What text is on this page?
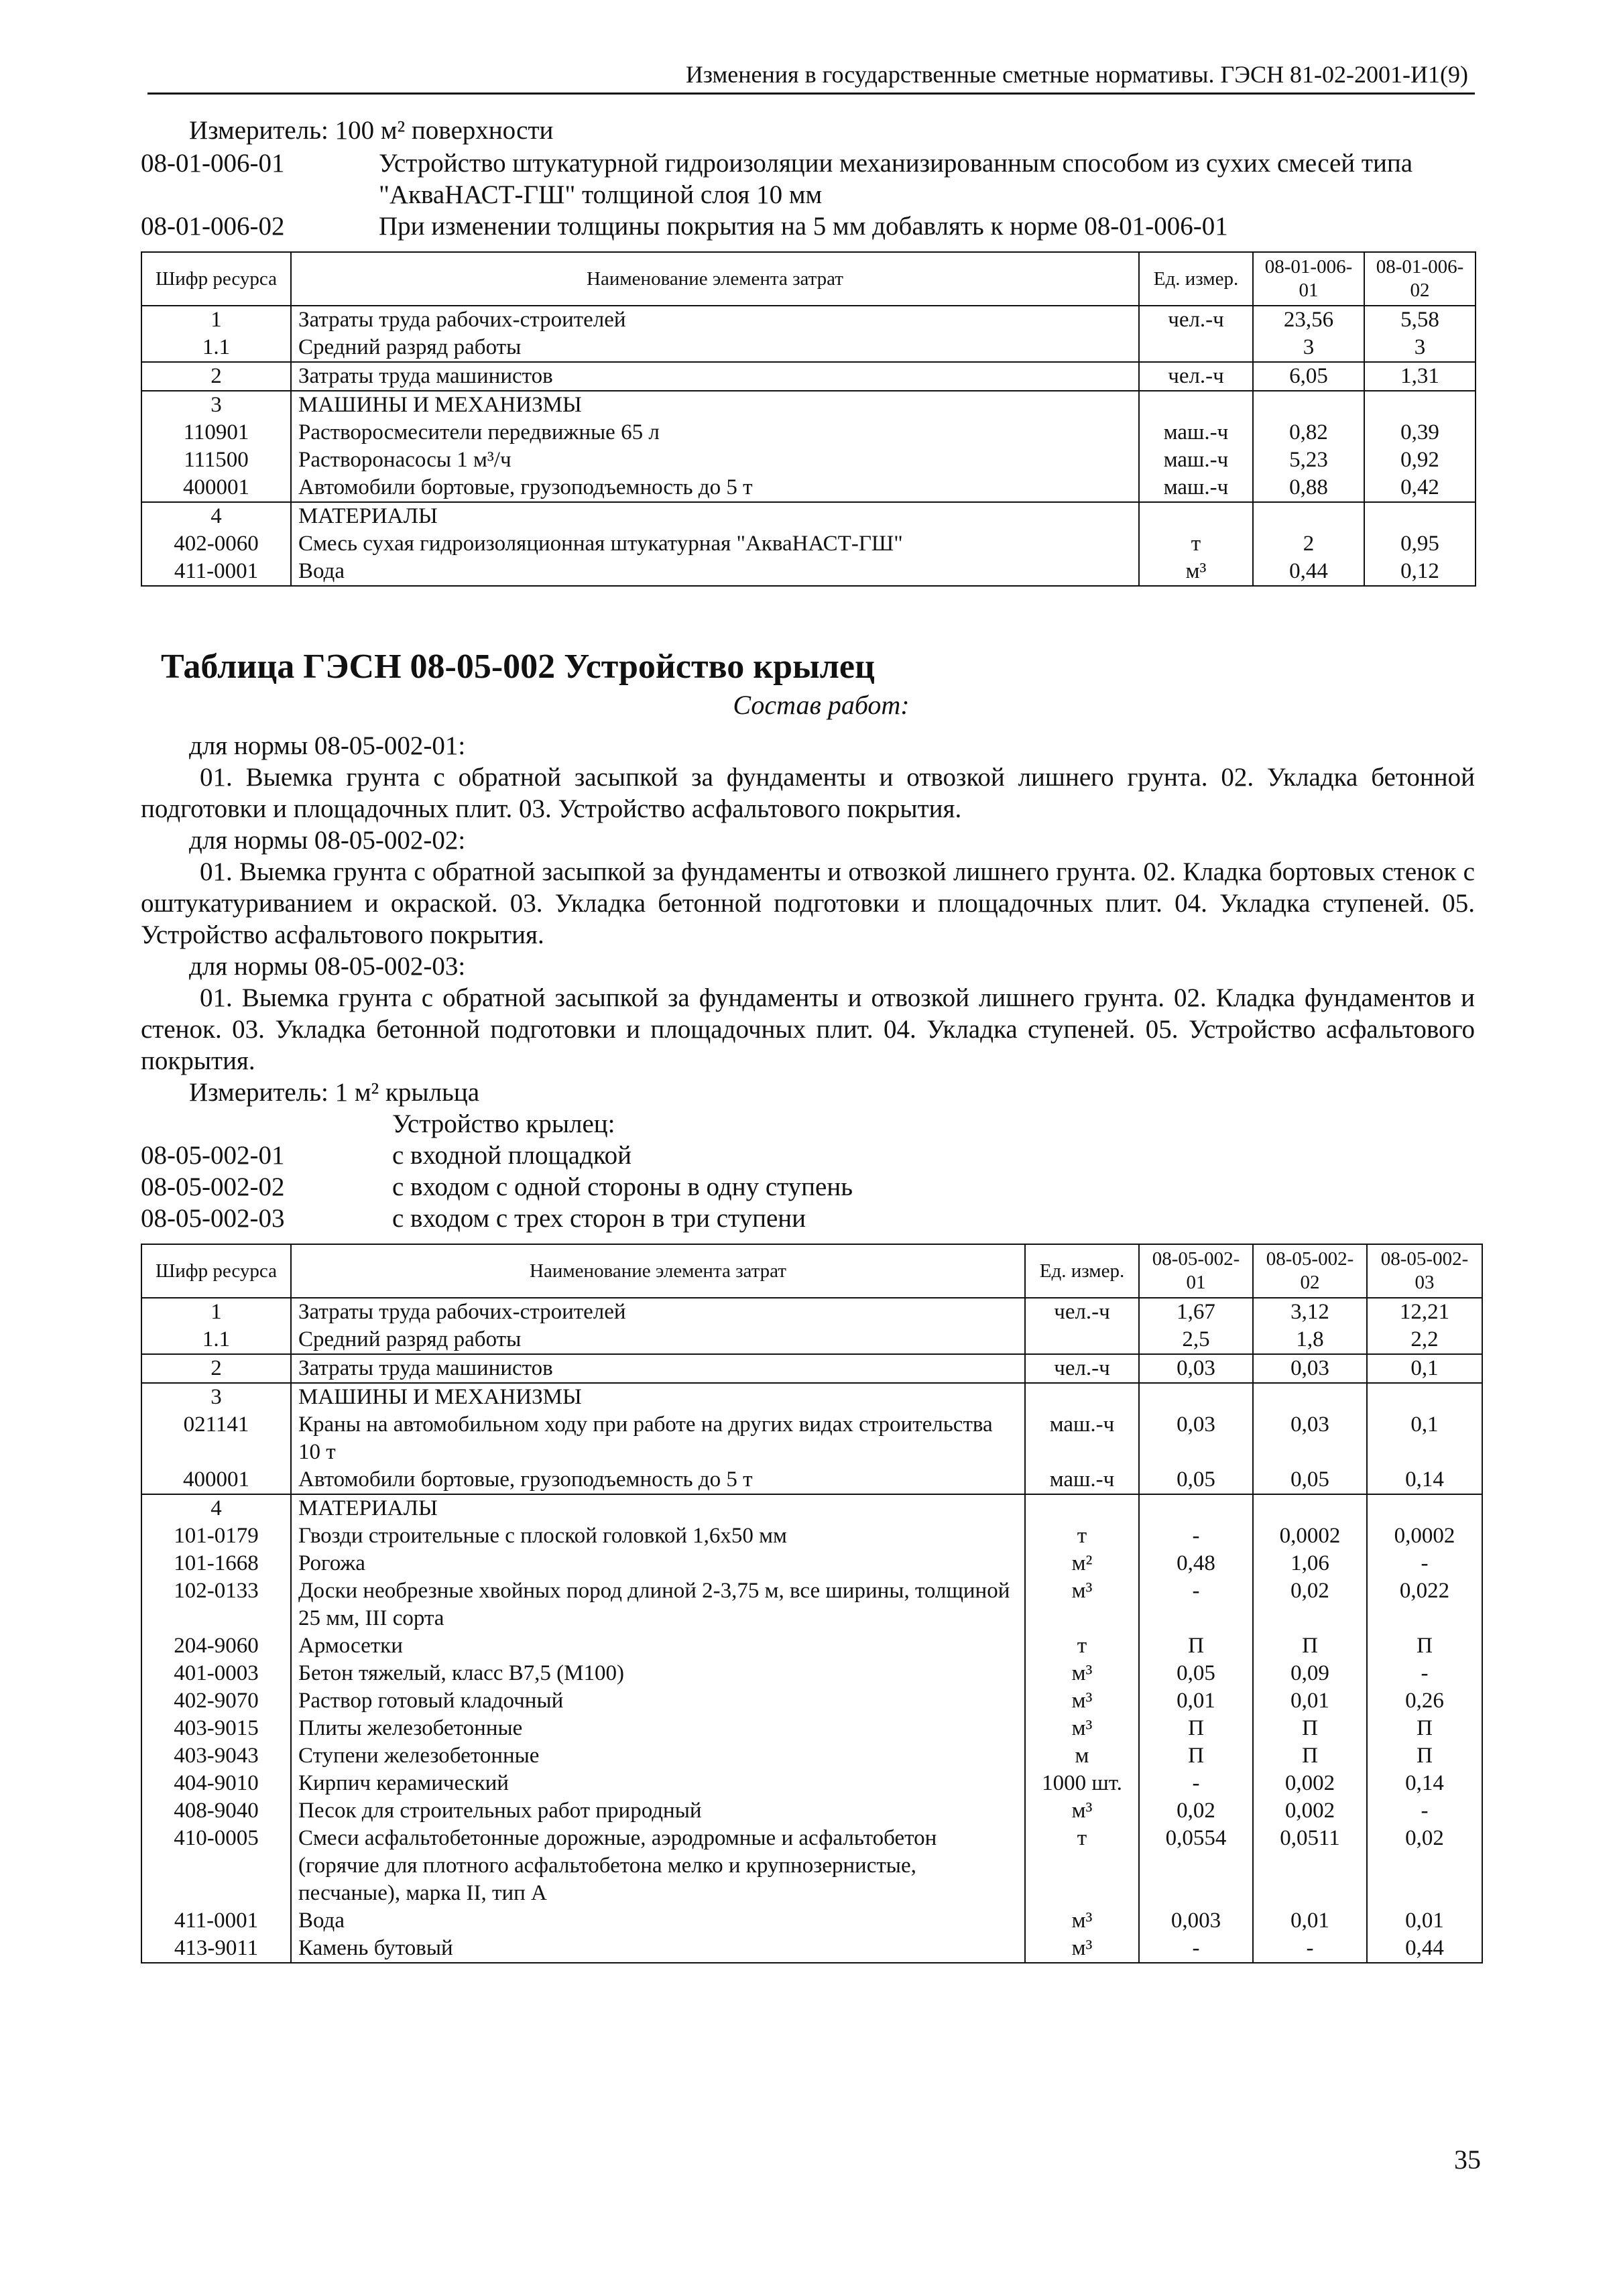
Изменения в государственные сметные нормативы. ГЭСН 81-02-2001-И1(9)
Измеритель: 100 м² поверхности
08-01-006-01	Устройство штукатурной гидроизоляции механизированным способом из сухих смесей типа "АкваНАСТ-ГШ" толщиной слоя 10 мм
08-01-006-02	При изменении толщины покрытия на 5 мм добавлять к норме 08-01-006-01
Шифр ресурса	Наименование элемента затрат	Ед. измер.	08-01-006-01	08-01-006-02
1	Затраты труда рабочих-строителей	чел.-ч	23,56	5,58
1.1	Средний разряд работы		3	3
2	Затраты труда машинистов	чел.-ч	6,05	1,31
3	МАШИНЫ И МЕХАНИЗМЫ			
110901	Растворосмесители передвижные 65 л	маш.-ч	0,82	0,39
111500	Растворонасосы 1 м³/ч	маш.-ч	5,23	0,92
400001	Автомобили бортовые, грузоподъемность до 5 т	маш.-ч	0,88	0,42
4	МАТЕРИАЛЫ			
402-0060	Смесь сухая гидроизоляционная штукатурная "АкваНАСТ-ГШ"	т	2	0,95
411-0001	Вода	м³	0,44	0,12
Таблица ГЭСН 08-05-002 Устройство крылец
Состав работ:
для нормы 08-05-002-01:
01. Выемка грунта с обратной засыпкой за фундаменты и отвозкой лишнего грунта. 02. Укладка бетонной подготовки и площадочных плит. 03. Устройство асфальтового покрытия.
для нормы 08-05-002-02:
01. Выемка грунта с обратной засыпкой за фундаменты и отвозкой лишнего грунта. 02. Кладка бортовых стенок с оштукатуриванием и окраской. 03. Укладка бетонной подготовки и площадочных плит. 04. Укладка ступеней. 05. Устройство асфальтового покрытия.
для нормы 08-05-002-03:
01. Выемка грунта с обратной засыпкой за фундаменты и отвозкой лишнего грунта. 02. Кладка фундаментов и стенок. 03. Укладка бетонной подготовки и площадочных плит. 04. Укладка ступеней. 05. Устройство асфальтового покрытия.
Измеритель: 1 м² крыльца
Устройство крылец:
08-05-002-01	с входной площадкой
08-05-002-02	с входом с одной стороны в одну ступень
08-05-002-03	с входом с трех сторон в три ступени
Шифр ресурса	Наименование элемента затрат	Ед. измер.	08-05-002-01	08-05-002-02	08-05-002-03
1	Затраты труда рабочих-строителей	чел.-ч	1,67	3,12	12,21
1.1	Средний разряд работы		2,5	1,8	2,2
2	Затраты труда машинистов	чел.-ч	0,03	0,03	0,1
3	МАШИНЫ И МЕХАНИЗМЫ				
021141	Краны на автомобильном ходу при работе на других видах строительства 10 т	маш.-ч	0,03	0,03	0,1
400001	Автомобили бортовые, грузоподъемность до 5 т	маш.-ч	0,05	0,05	0,14
4	МАТЕРИАЛЫ				
101-0179	Гвозди строительные с плоской головкой 1,6х50 мм	т	-	0,0002	0,0002
101-1668	Рогожа	м²	0,48	1,06	-
102-0133	Доски необрезные хвойных пород длиной 2-3,75 м, все ширины, толщиной 25 мм, III сорта	м³	-	0,02	0,022
204-9060	Армосетки	т	П	П	П
401-0003	Бетон тяжелый, класс В7,5 (М100)	м³	0,05	0,09	-
402-9070	Раствор готовый кладочный	м³	0,01	0,01	0,26
403-9015	Плиты железобетонные	м³	П	П	П
403-9043	Ступени железобетонные	м	П	П	П
404-9010	Кирпич керамический	1000 шт.	-	0,002	0,14
408-9040	Песок для строительных работ природный	м³	0,02	0,002	-
410-0005	Смеси асфальтобетонные дорожные, аэродромные и асфальтобетон (горячие для плотного асфальтобетона мелко и крупнозернистые, песчаные), марка II, тип А	т	0,0554	0,0511	0,02
411-0001	Вода	м³	0,003	0,01	0,01
413-9011	Камень бутовый	м³	-	-	0,44
35
